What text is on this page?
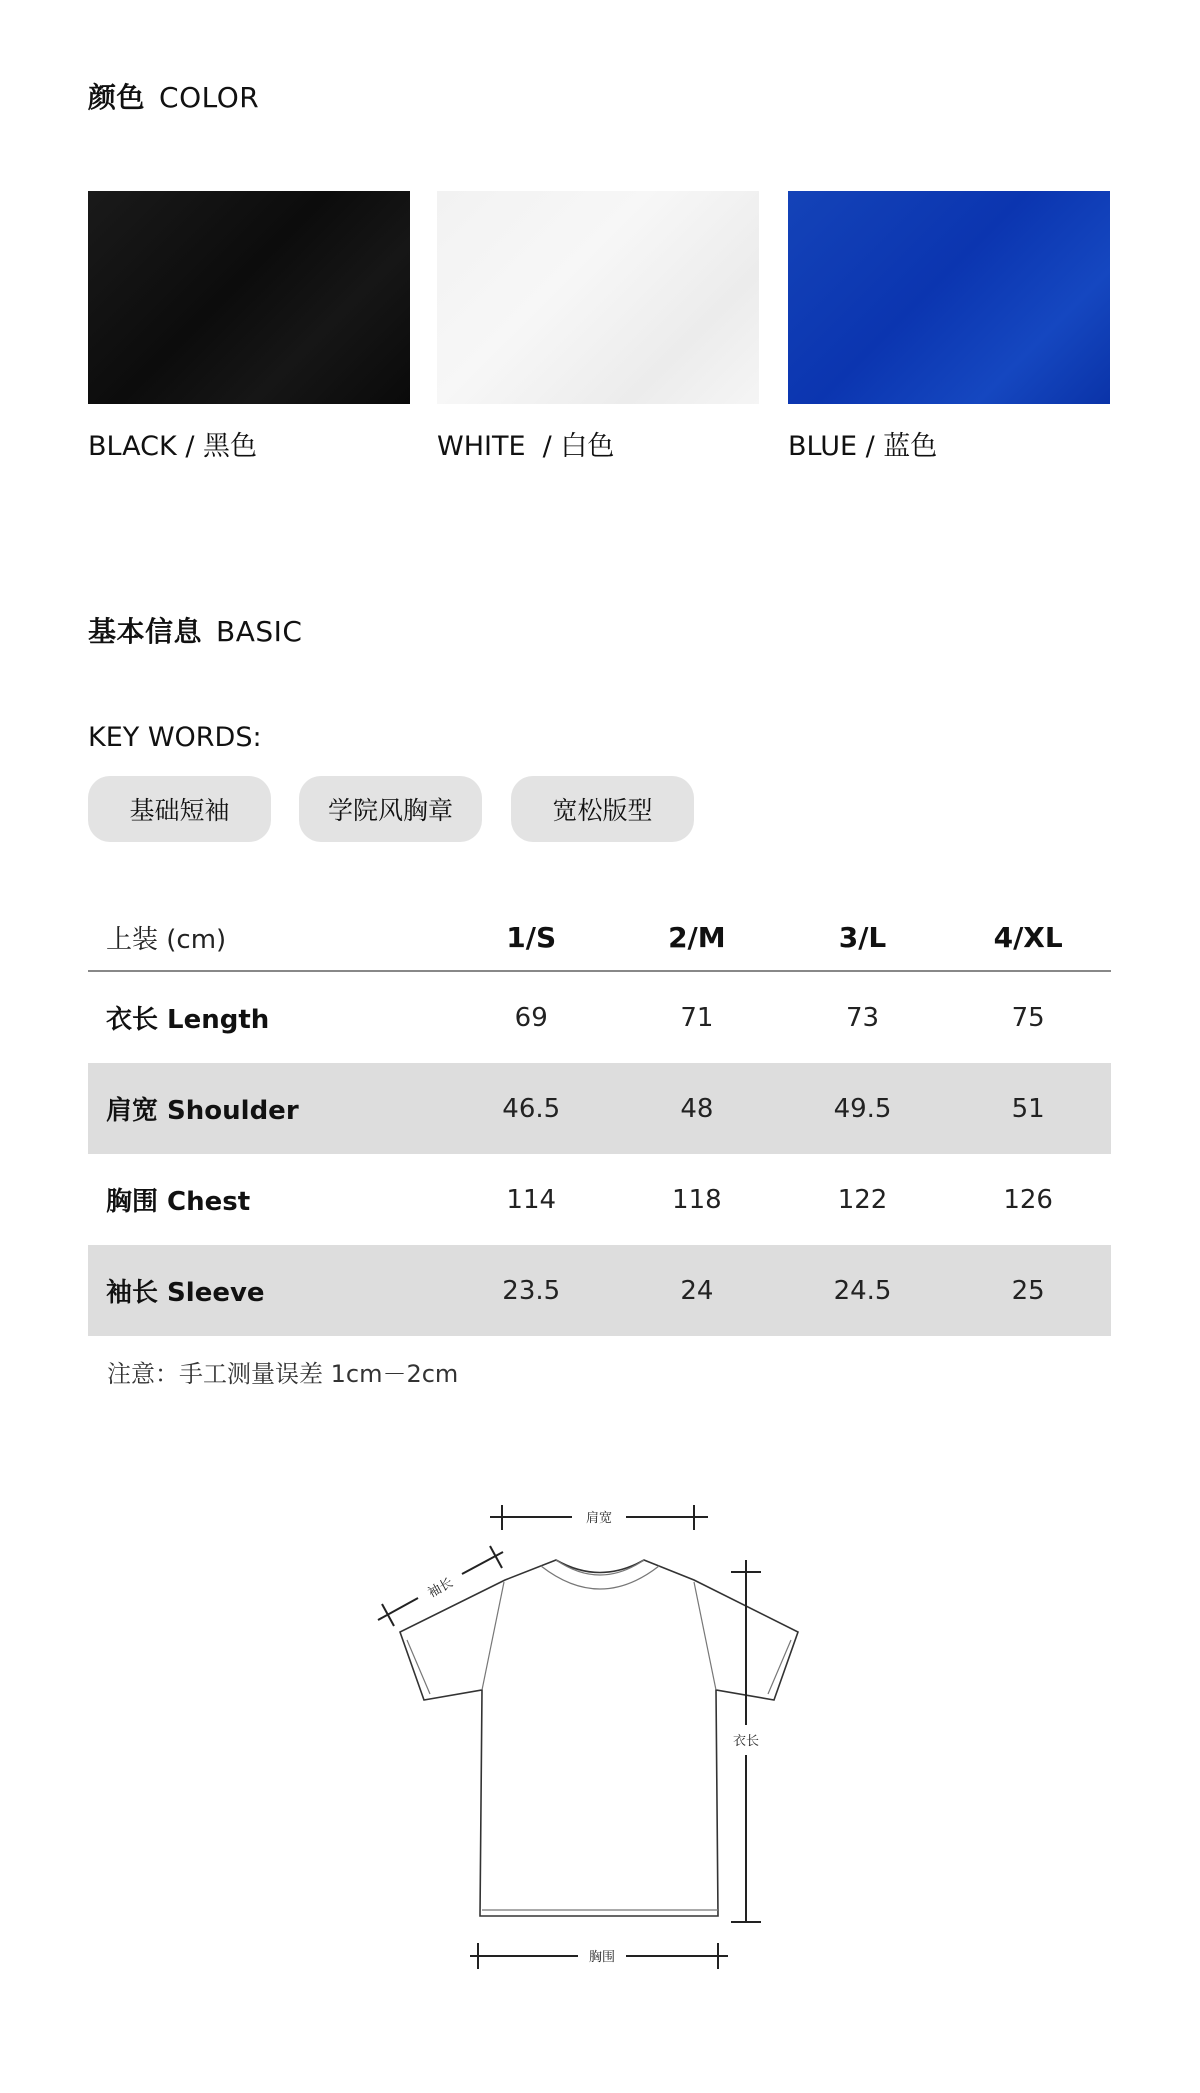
颜色 COLOR
BLACK / 黑色	WHITE  / 白色	BLUE / 蓝色
基本信息 BASIC
KEY WORDS:
基础短袖	学院风胸章	宽松版型
上装 (cm)	1/S	2/M	3/L	4/XL
衣长 Length	69	71	73	75
肩宽 Shoulder	46.5	48	49.5	51
胸围 Chest	114	118	122	126
袖长 Sleeve	23.5	24	24.5	25
注意：手工测量误差 1cm－2cm
肩宽
袖长
衣长
胸围
